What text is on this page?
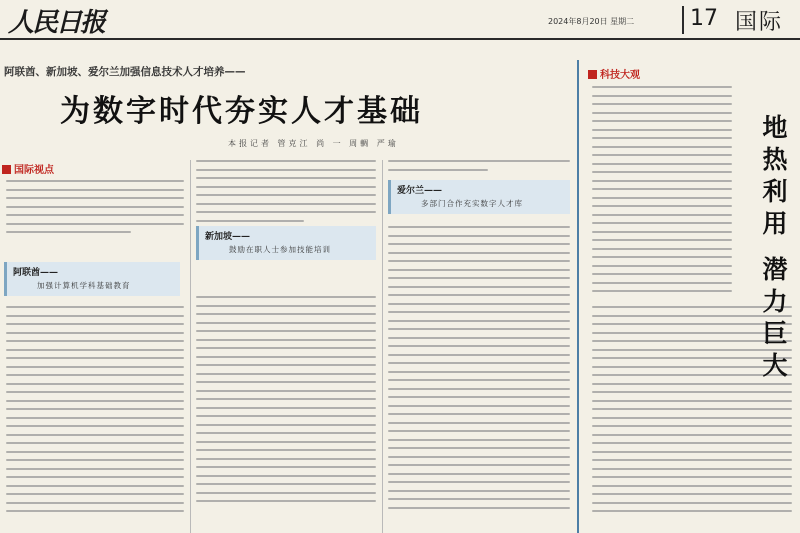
人民日报	2024年8月20日 星期二	17 国际
阿联酋、新加坡、爱尔兰加强信息技术人才培养——
为数字时代夯实人才基础
本报记者 管克江 尚 一 周輖 严瑜
国际视点
阿联酋——
加强计算机学科基础教育
新加坡——
鼓励在职人士参加技能培训
爱尔兰——
多部门合作充实数字人才库
科技大观
地
热
利
用
潜
力
巨
大
